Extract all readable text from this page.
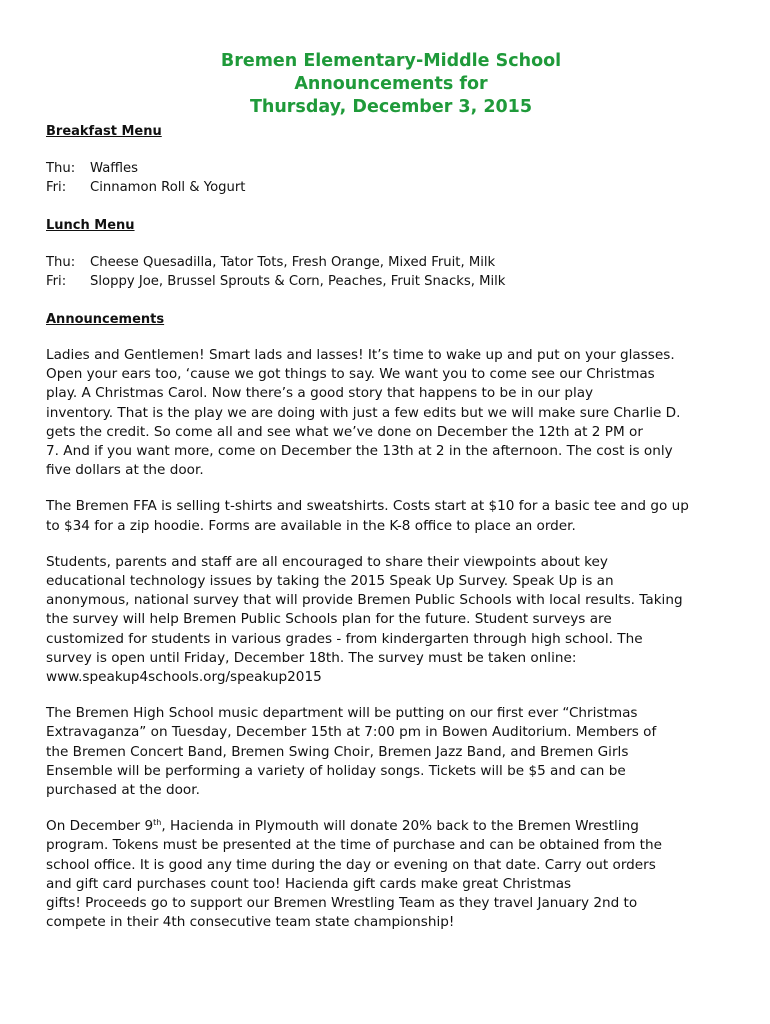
Bremen Elementary-Middle School
Announcements for
Thursday, December 3, 2015
Breakfast Menu
Thu:	Waffles
Fri:	Cinnamon Roll & Yogurt
Lunch Menu
Thu:	Cheese Quesadilla, Tator Tots, Fresh Orange, Mixed Fruit, Milk
Fri:	Sloppy Joe, Brussel Sprouts & Corn, Peaches, Fruit Snacks, Milk
Announcements

Ladies and Gentlemen! Smart lads and lasses! It’s time to wake up and put on your glasses.
Open your ears too, ‘cause we got things to say. We want you to come see our Christmas
play. A Christmas Carol. Now there’s a good story that happens to be in our play
inventory. That is the play we are doing with just a few edits but we will make sure Charlie D.
gets the credit. So come all and see what we’ve done on December the 12th at 2 PM or
7. And if you want more, come on December the 13th at 2 in the afternoon. The cost is only
five dollars at the door.

The Bremen FFA is selling t-shirts and sweatshirts. Costs start at $10 for a basic tee and go up
to $34 for a zip hoodie. Forms are available in the K-8 office to place an order.

Students, parents and staff are all encouraged to share their viewpoints about key
educational technology issues by taking the 2015 Speak Up Survey. Speak Up is an
anonymous, national survey that will provide Bremen Public Schools with local results. Taking
the survey will help Bremen Public Schools plan for the future. Student surveys are
customized for students in various grades - from kindergarten through high school. The
survey is open until Friday, December 18th. The survey must be taken online:
www.speakup4schools.org/speakup2015

The Bremen High School music department will be putting on our first ever “Christmas
Extravaganza” on Tuesday, December 15th at 7:00 pm in Bowen Auditorium. Members of
the Bremen Concert Band, Bremen Swing Choir, Bremen Jazz Band, and Bremen Girls
Ensemble will be performing a variety of holiday songs. Tickets will be $5 and can be
purchased at the door.

On December 9th, Hacienda in Plymouth will donate 20% back to the Bremen Wrestling
program. Tokens must be presented at the time of purchase and can be obtained from the
school office. It is good any time during the day or evening on that date. Carry out orders
and gift card purchases count too! Hacienda gift cards make great Christmas
gifts! Proceeds go to support our Bremen Wrestling Team as they travel January 2nd to
compete in their 4th consecutive team state championship!
